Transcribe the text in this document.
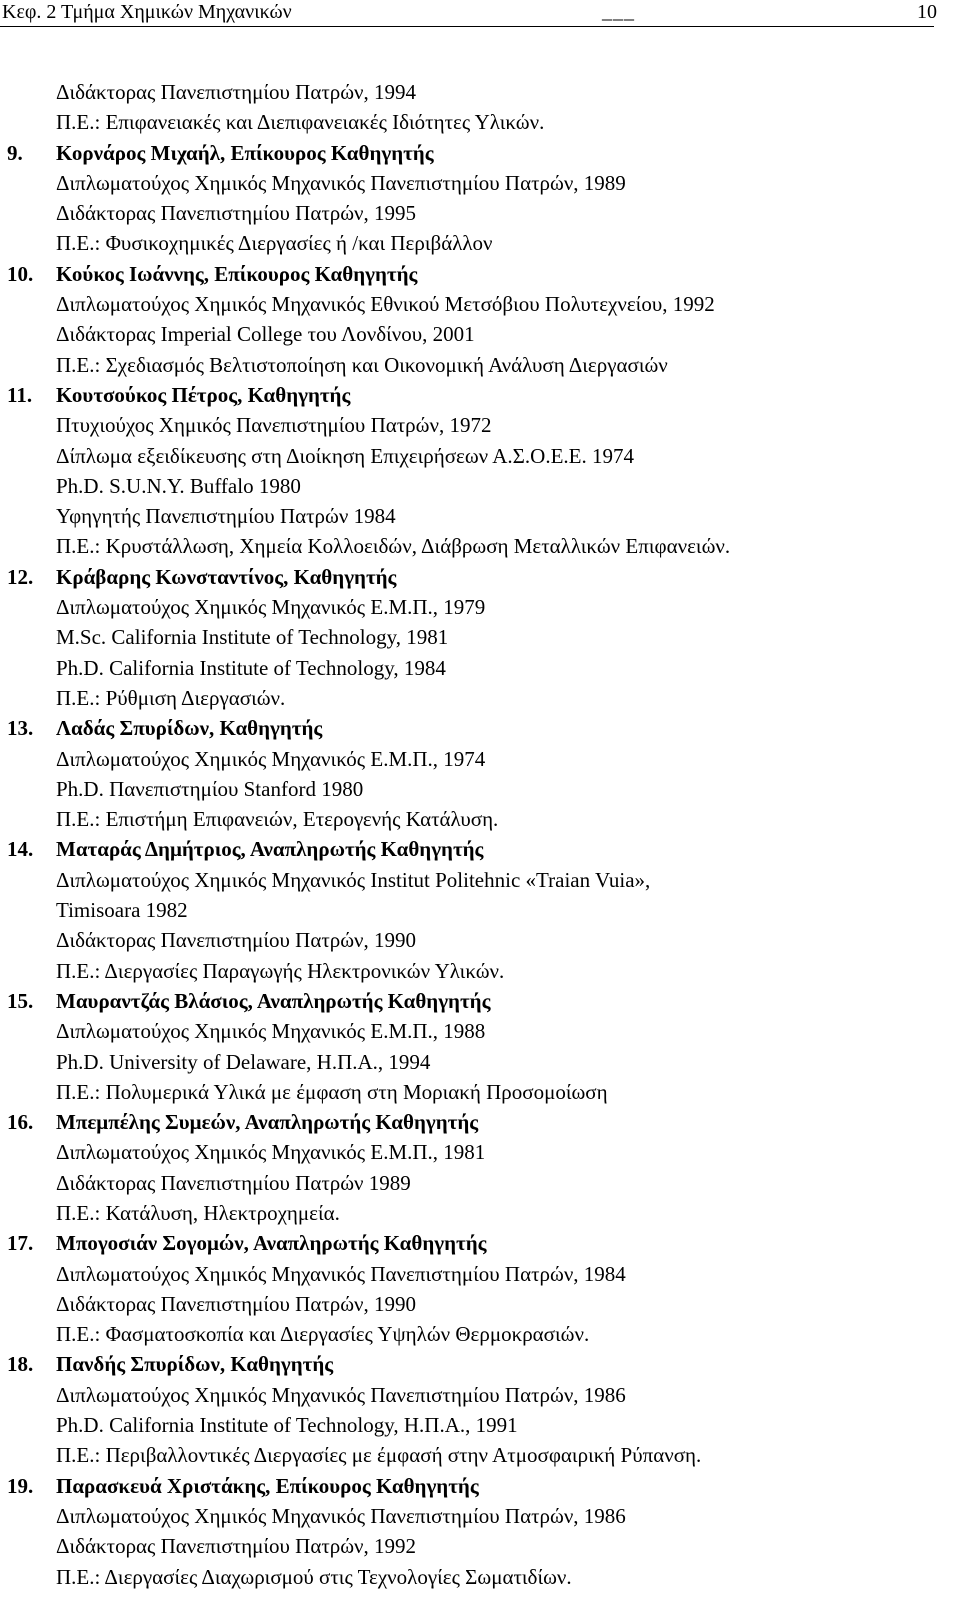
Κεφ. 2 Τμήμα Χημικών Μηχανικών	___	10
Διδάκτορας Πανεπιστημίου Πατρών, 1994
Π.Ε.: Επιφανειακές και Διεπιφανειακές Ιδιότητες Υλικών.
9. Κορνάρος Μιχαήλ, Επίκουρος Καθηγητής
Διπλωματούχος Χημικός Μηχανικός Πανεπιστημίου Πατρών, 1989
Διδάκτορας Πανεπιστημίου Πατρών, 1995
Π.Ε.: Φυσικοχημικές Διεργασίες ή /και Περιβάλλον
10. Κούκος Ιωάννης, Επίκουρος Καθηγητής
Διπλωματούχος Χημικός Μηχανικός Εθνικού Μετσόβιου Πολυτεχνείου, 1992
Διδάκτορας Imperial College του Λονδίνου, 2001
Π.Ε.: Σχεδιασμός Βελτιστοποίηση και Οικονομική Ανάλυση Διεργασιών
11. Κουτσούκος Πέτρος, Καθηγητής
Πτυχιούχος Χημικός Πανεπιστημίου Πατρών, 1972
Δίπλωμα εξειδίκευσης στη Διοίκηση Επιχειρήσεων Α.Σ.Ο.Ε.Ε. 1974
Ph.D. S.U.N.Y. Buffalo 1980
Υφηγητής Πανεπιστημίου Πατρών 1984
Π.Ε.: Κρυστάλλωση, Χημεία Κολλοειδών, Διάβρωση Μεταλλικών Επιφανειών.
12. Κράβαρης Κωνσταντίνος, Καθηγητής
Διπλωματούχος Χημικός Μηχανικός Ε.Μ.Π., 1979
M.Sc. California Institute of Technology, 1981
Ph.D. California Institute of Technology, 1984
Π.Ε.: Ρύθμιση Διεργασιών.
13. Λαδάς Σπυρίδων, Καθηγητής
Διπλωματούχος Χημικός Μηχανικός Ε.Μ.Π., 1974
Ph.D. Πανεπιστημίου Stanford 1980
Π.Ε.: Επιστήμη Επιφανειών, Ετερογενής Κατάλυση.
14. Ματαράς Δημήτριος, Αναπληρωτής Καθηγητής
Διπλωματούχος Χημικός Μηχανικός Institut Politehnic «Traian Vuia»,
Timisoara 1982
Διδάκτορας Πανεπιστημίου Πατρών, 1990
Π.Ε.: Διεργασίες Παραγωγής Ηλεκτρονικών Υλικών.
15. Μαυραντζάς Βλάσιος, Αναπληρωτής Καθηγητής
Διπλωματούχος Χημικός Μηχανικός Ε.Μ.Π., 1988
Ph.D. University of Delaware, Η.Π.Α., 1994
Π.Ε.: Πολυμερικά Υλικά με έμφαση στη Μοριακή Προσομοίωση
16. Μπεμπέλης Συμεών, Αναπληρωτής Καθηγητής
Διπλωματούχος Χημικός Μηχανικός Ε.Μ.Π., 1981
Διδάκτορας Πανεπιστημίου Πατρών 1989
Π.Ε.: Κατάλυση, Ηλεκτροχημεία.
17. Μπογοσιάν Σογομών, Αναπληρωτής Καθηγητής
Διπλωματούχος Χημικός Μηχανικός Πανεπιστημίου Πατρών, 1984
Διδάκτορας Πανεπιστημίου Πατρών, 1990
Π.Ε.: Φασματοσκοπία και Διεργασίες Υψηλών Θερμοκρασιών.
18. Πανδής Σπυρίδων, Καθηγητής
Διπλωματούχος Χημικός Μηχανικός Πανεπιστημίου Πατρών, 1986
Ph.D. California Institute of Technology, Η.Π.Α., 1991
Π.Ε.: Περιβαλλοντικές Διεργασίες με έμφασή στην Ατμοσφαιρική Ρύπανση.
19. Παρασκευά Χριστάκης, Επίκουρος Καθηγητής
Διπλωματούχος Χημικός Μηχανικός Πανεπιστημίου Πατρών, 1986
Διδάκτορας Πανεπιστημίου Πατρών, 1992
Π.Ε.: Διεργασίες Διαχωρισμού στις Τεχνολογίες Σωματιδίων.
